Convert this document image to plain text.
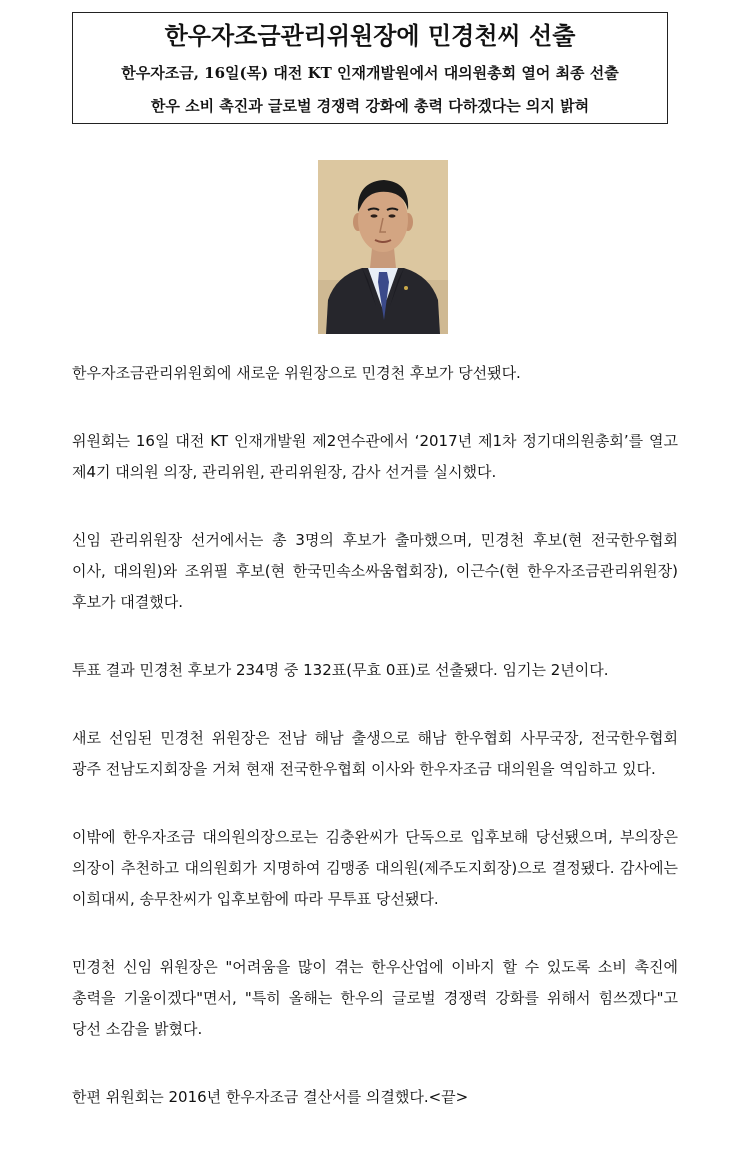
한우자조금관리위원장에 민경천씨 선출
한우자조금, 16일(목) 대전 KT 인재개발원에서 대의원총회 열어 최종 선출
한우 소비 촉진과 글로벌 경쟁력 강화에 총력 다하겠다는 의지 밝혀

한우자조금관리위원회에 새로운 위원장으로 민경천 후보가 당선됐다.

위원회는 16일 대전 KT 인재개발원 제2연수관에서 ‘2017년 제1차 정기대의원총회’를 열고 제4기 대의원 의장, 관리위원, 관리위원장, 감사 선거를 실시했다.

신임 관리위원장 선거에서는 총 3명의 후보가 출마했으며, 민경천 후보(현 전국한우협회 이사, 대의원)와 조위필 후보(현 한국민속소싸움협회장), 이근수(현 한우자조금관리위원장)후보가 대결했다.

투표 결과 민경천 후보가 234명 중 132표(무효 0표)로 선출됐다. 임기는 2년이다.

새로 선임된 민경천 위원장은 전남 해남 출생으로 해남 한우협회 사무국장, 전국한우협회 광주 전남도지회장을 거쳐 현재 전국한우협회 이사와 한우자조금 대의원을 역임하고 있다.

이밖에 한우자조금 대의원의장으로는 김충완씨가 단독으로 입후보해 당선됐으며, 부의장은 의장이 추천하고 대의원회가 지명하여 김맹종 대의원(제주도지회장)으로 결정됐다. 감사에는 이희대씨, 송무찬씨가 입후보함에 따라 무투표 당선됐다.

민경천 신임 위원장은 "어려움을 많이 겪는 한우산업에 이바지 할 수 있도록 소비 촉진에 총력을 기울이겠다"면서, "특히 올해는 한우의 글로벌 경쟁력 강화를 위해서 힘쓰겠다"고 당선 소감을 밝혔다.

한편 위원회는 2016년 한우자조금 결산서를 의결했다.<끝>
